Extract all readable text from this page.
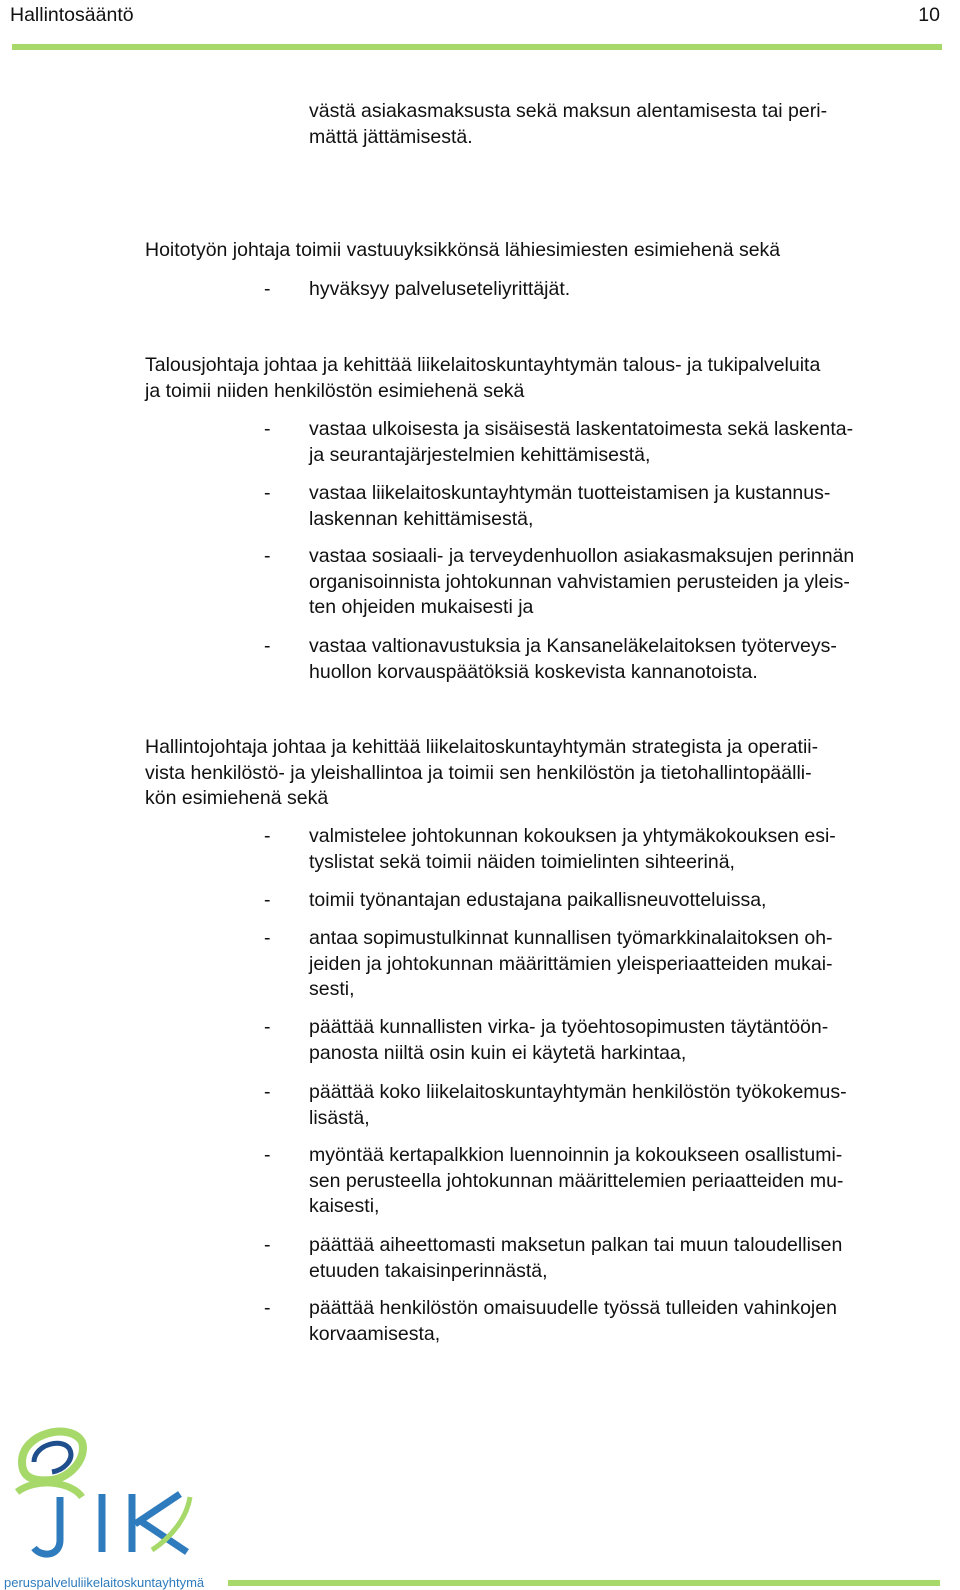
Hallintosääntö	10
västä asiakasmaksusta sekä maksun alentamisesta tai peri-
mättä jättämisestä.
Hoitotyön johtaja toimii vastuuyksikkönsä lähiesimiesten esimiehenä sekä
- hyväksyy palveluseteliyrittäjät.
Talousjohtaja johtaa ja kehittää liikelaitoskuntayhtymän talous- ja tukipalveluita
ja toimii niiden henkilöstön esimiehenä sekä
- vastaa ulkoisesta ja sisäisestä laskentatoimesta sekä laskenta-
ja seurantajärjestelmien kehittämisestä,
- vastaa liikelaitoskuntayhtymän tuotteistamisen ja kustannus-
laskennan kehittämisestä,
- vastaa sosiaali- ja terveydenhuollon asiakasmaksujen perinnän
organisoinnista johtokunnan vahvistamien perusteiden ja yleis-
ten ohjeiden mukaisesti ja
- vastaa valtionavustuksia ja Kansaneläkelaitoksen työterveys-
huollon korvauspäätöksiä koskevista kannanotoista.
Hallintojohtaja johtaa ja kehittää liikelaitoskuntayhtymän strategista ja operatii-
vista henkilöstö- ja yleishallintoa ja toimii sen henkilöstön ja tietohallintopäälli-
kön esimiehenä sekä
- valmistelee johtokunnan kokouksen ja yhtymäkokouksen esi-
tyslistat sekä toimii näiden toimielinten sihteerinä,
- toimii työnantajan edustajana paikallisneuvotteluissa,
- antaa sopimustulkinnat kunnallisen työmarkkinalaitoksen oh-
jeiden ja johtokunnan määrittämien yleisperiaatteiden mukai-
sesti,
- päättää kunnallisten virka- ja työehtosopimusten täytäntöön-
panosta niiltä osin kuin ei käytetä harkintaa,
- päättää koko liikelaitoskuntayhtymän henkilöstön työkokemus-
lisästä,
- myöntää kertapalkkion luennoinnin ja kokoukseen osallistumi-
sen perusteella johtokunnan määrittelemien periaatteiden mu-
kaisesti,
- päättää aiheettomasti maksetun palkan tai muun taloudellisen
etuuden takaisinperinnästä,
- päättää henkilöstön omaisuudelle työssä tulleiden vahinkojen
korvaamisesta,
peruspalveluliikelaitoskuntayhtymä
